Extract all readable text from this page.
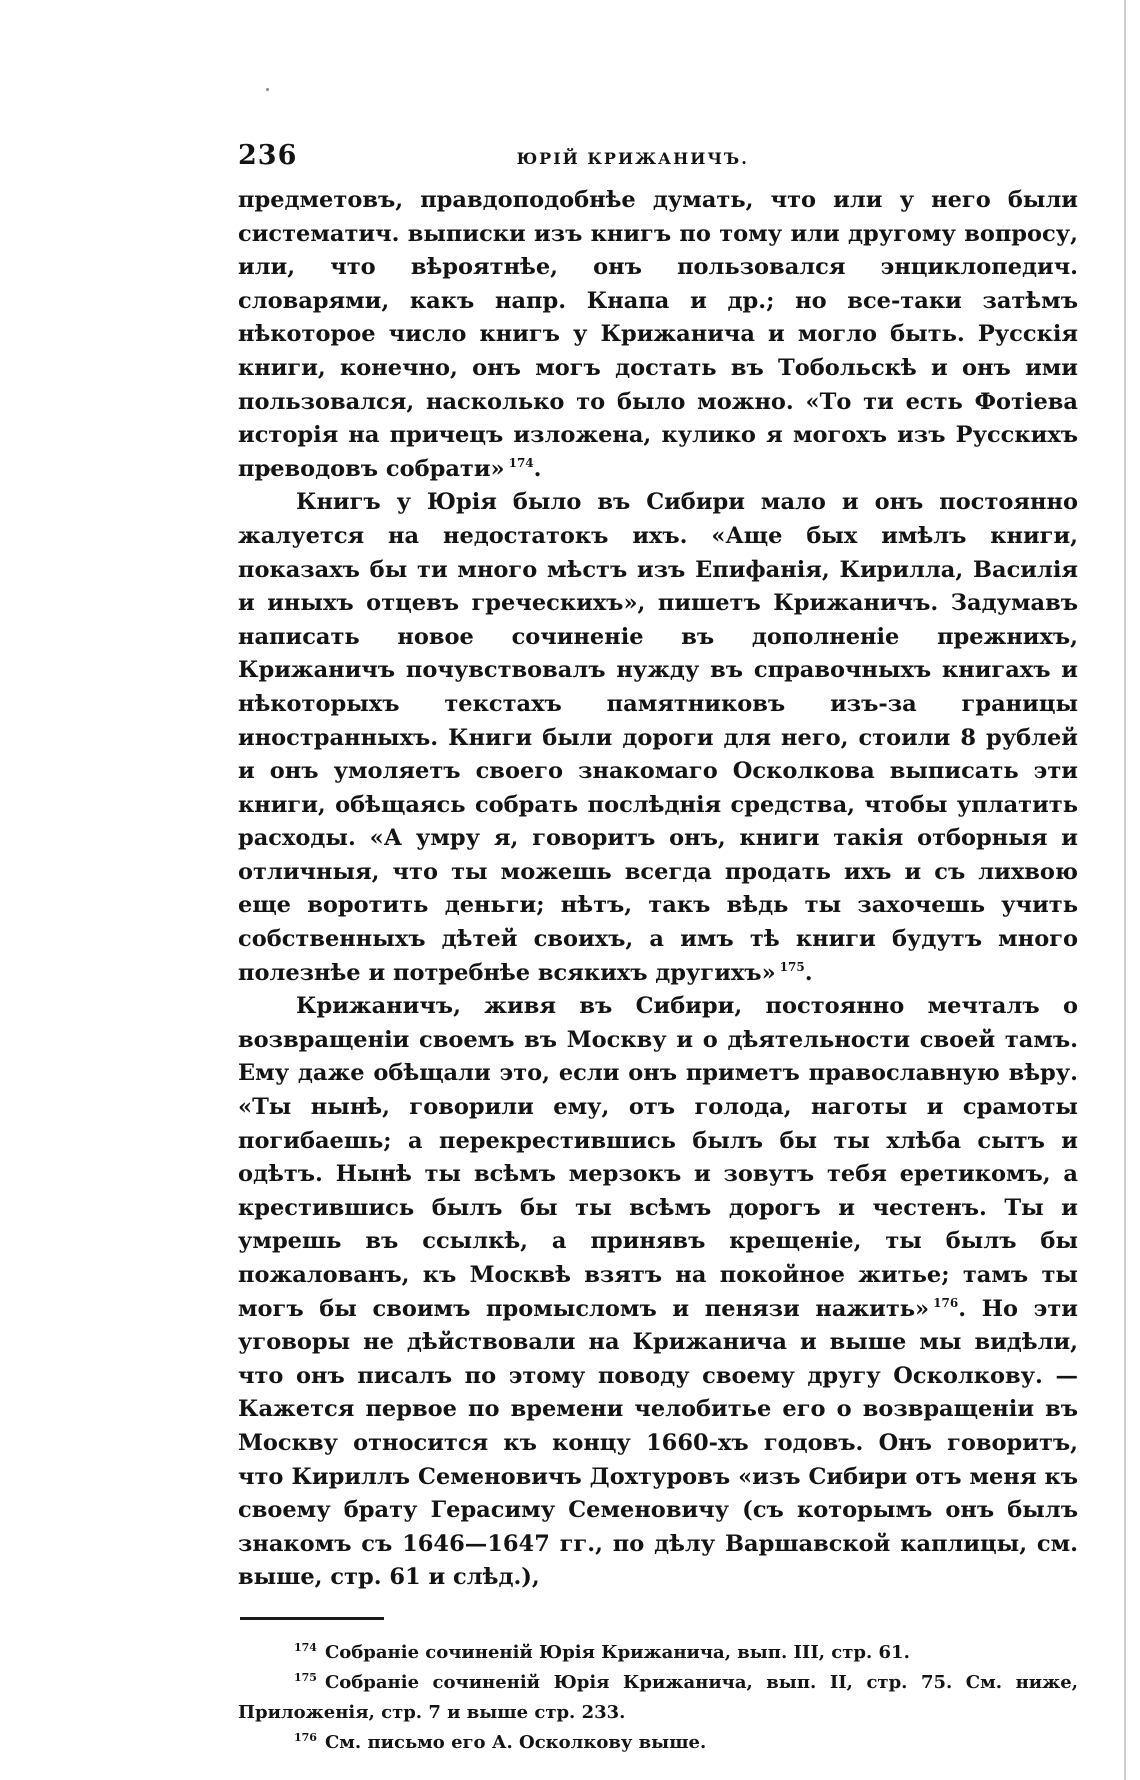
236	ЮРІЙ КРИЖАНИЧЪ.

предметовъ, правдоподобнѣе думать, что или у него были систематич. выписки изъ книгъ по тому или другому вопросу, или, что вѣроятнѣе, онъ пользовался энциклопедич. словарями, какъ напр. Кнапа и др.; но все-таки затѣмъ нѣкоторое число книгъ у Крижанича и могло быть. Русскія книги, конечно, онъ могъ достать въ Тобольскѣ и онъ ими пользовался, насколько то было можно. «То ти есть Фотіева исторія на причецъ изложена, кулико я могохъ изъ Русскихъ преводовъ собрати» $^{174}$.

Книгъ у Юрія было въ Сибири мало и онъ постоянно жалуется на недостатокъ ихъ. «Аще бых имѣлъ книги, показахъ бы ти много мѣстъ изъ Епифанія, Кирилла, Василія и иныхъ отцевъ греческихъ», пишетъ Крижаничъ. Задумавъ написать новое сочиненіе въ дополненіе прежнихъ, Крижаничъ почувствовалъ нужду въ справочныхъ книгахъ и нѣкоторыхъ текстахъ памятниковъ изъ-за границы иностранныхъ. Книги были дороги для него, стоили 8 рублей и онъ умоляетъ своего знакомаго Осколкова выписать эти книги, обѣщаясь собрать послѣднія средства, чтобы уплатить расходы. «А умру я, говоритъ онъ, книги такія отборныя и отличныя, что ты можешь всегда продать ихъ и съ лихвою еще воротить деньги; нѣтъ, такъ вѣдь ты захочешь учить собственныхъ дѣтей своихъ, а имъ тѣ книги будутъ много полезнѣе и потребнѣе всякихъ другихъ» $^{175}$.

Крижаничъ, живя въ Сибири, постоянно мечталъ о возвращеніи своемъ въ Москву и о дѣятельности своей тамъ. Ему даже обѣщали это, если онъ приметъ православную вѣру. «Ты нынѣ, говорили ему, отъ голода, наготы и срамоты погибаешь; а перекрестившись былъ бы ты хлѣба сытъ и одѣтъ. Нынѣ ты всѣмъ мерзокъ и зовутъ тебя еретикомъ, а крестившись былъ бы ты всѣмъ дорогъ и честенъ. Ты и умрешь въ ссылкѣ, а принявъ крещеніе, ты былъ бы пожалованъ, къ Москвѣ взятъ на покойное житье; тамъ ты могъ бы своимъ промысломъ и пенязи нажить» $^{176}$. Но эти уговоры не дѣйствовали на Крижанича и выше мы видѣли, что онъ писалъ по этому поводу своему другу Осколкову. — Кажется первое по времени челобитье его о возвращеніи въ Москву относится къ концу 1660-хъ годовъ. Онъ говоритъ, что Кириллъ Семеновичъ Дохтуровъ «изъ Сибири отъ меня къ своему брату Герасиму Семеновичу (съ которымъ онъ былъ знакомъ съ 1646—1647 гг., по дѣлу Варшавской каплицы, см. выше, стр. 61 и слѣд.),

$^{174}$ Собраніе сочиненій Юрія Крижанича, вып. III, стр. 61.

$^{175}$ Собраніе сочиненій Юрія Крижанича, вып. II, стр. 75. См. ниже, Приложенія, стр. 7 и выше стр. 233.

$^{176}$ См. письмо его А. Осколкову выше.
